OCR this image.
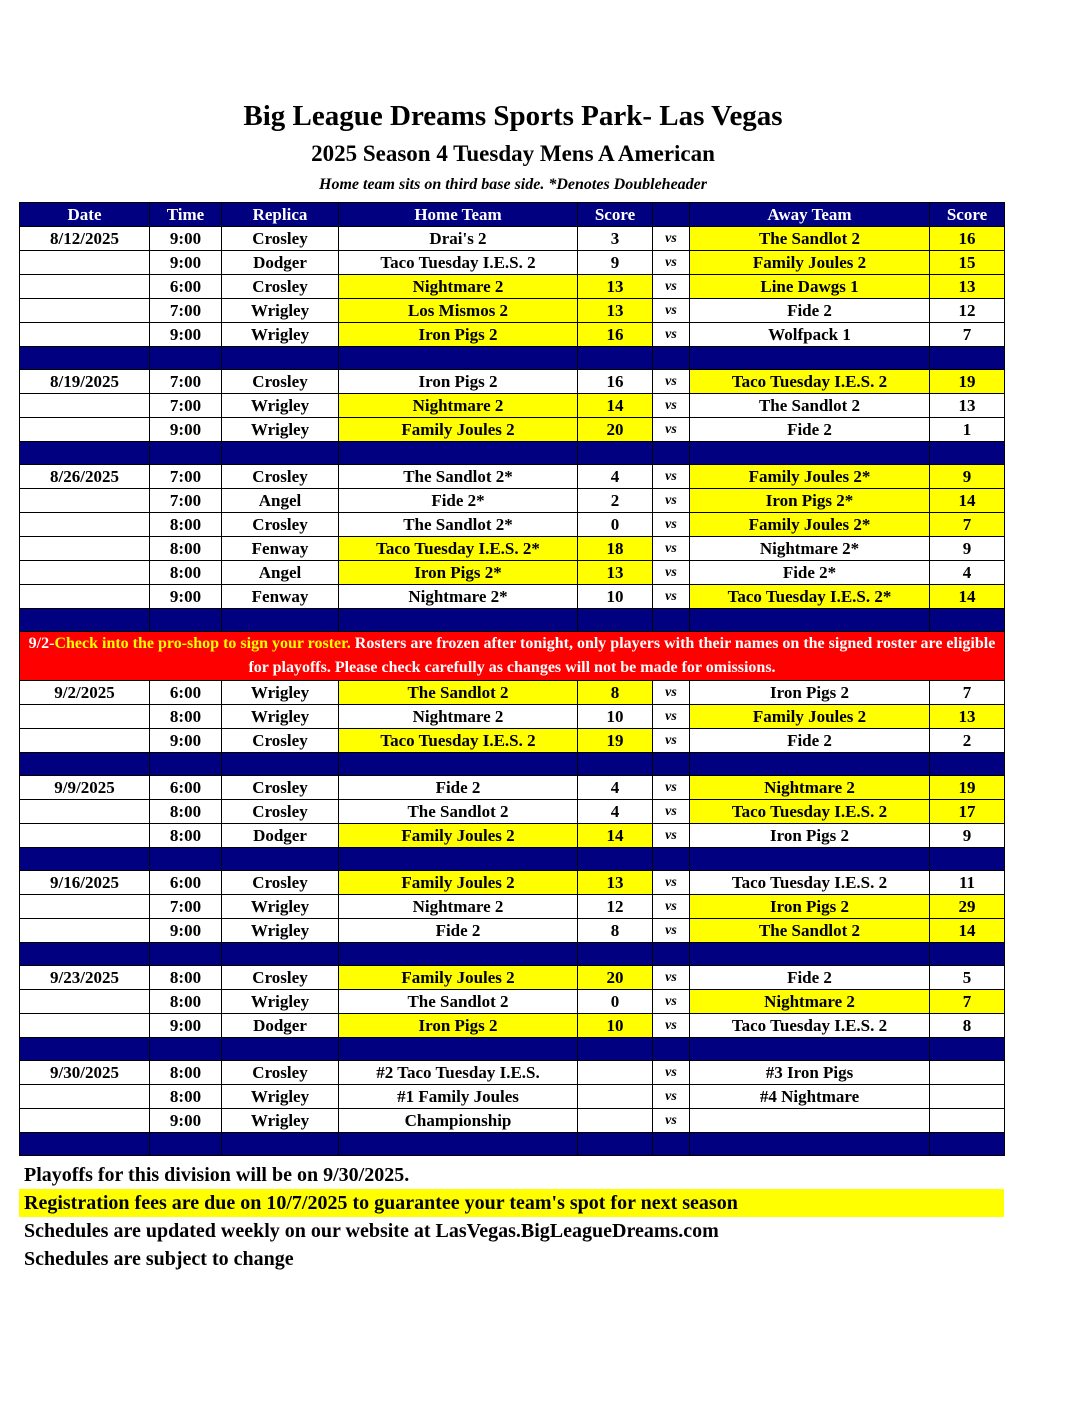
Big League Dreams Sports Park- Las Vegas
2025 Season 4 Tuesday Mens A American
Home team sits on third base side. *Denotes Doubleheader
Date	Time	Replica	Home Team	Score		Away Team	Score
8/12/2025	9:00	Crosley	Drai's 2	3	vs	The Sandlot 2	16
	9:00	Dodger	Taco Tuesday I.E.S. 2	9	vs	Family Joules 2	15
	6:00	Crosley	Nightmare 2	13	vs	Line Dawgs 1	13
	7:00	Wrigley	Los Mismos 2	13	vs	Fide 2	12
	9:00	Wrigley	Iron Pigs 2	16	vs	Wolfpack 1	7

8/19/2025	7:00	Crosley	Iron Pigs 2	16	vs	Taco Tuesday I.E.S. 2	19
	7:00	Wrigley	Nightmare 2	14	vs	The Sandlot 2	13
	9:00	Wrigley	Family Joules 2	20	vs	Fide 2	1

8/26/2025	7:00	Crosley	The Sandlot 2*	4	vs	Family Joules 2*	9
	7:00	Angel	Fide 2*	2	vs	Iron Pigs 2*	14
	8:00	Crosley	The Sandlot 2*	0	vs	Family Joules 2*	7
	8:00	Fenway	Taco Tuesday I.E.S. 2*	18	vs	Nightmare 2*	9
	8:00	Angel	Iron Pigs 2*	13	vs	Fide 2*	4
	9:00	Fenway	Nightmare 2*	10	vs	Taco Tuesday I.E.S. 2*	14

9/2-Check into the pro-shop to sign your roster. Rosters are frozen after tonight, only players with their names on the signed roster are eligible for playoffs. Please check carefully as changes will not be made for omissions.							
9/2/2025	6:00	Wrigley	The Sandlot 2	8	vs	Iron Pigs 2	7
	8:00	Wrigley	Nightmare 2	10	vs	Family Joules 2	13
	9:00	Crosley	Taco Tuesday I.E.S. 2	19	vs	Fide 2	2

9/9/2025	6:00	Crosley	Fide 2	4	vs	Nightmare 2	19
	8:00	Crosley	The Sandlot 2	4	vs	Taco Tuesday I.E.S. 2	17
	8:00	Dodger	Family Joules 2	14	vs	Iron Pigs 2	9

9/16/2025	6:00	Crosley	Family Joules 2	13	vs	Taco Tuesday I.E.S. 2	11
	7:00	Wrigley	Nightmare 2	12	vs	Iron Pigs 2	29
	9:00	Wrigley	Fide 2	8	vs	The Sandlot 2	14

9/23/2025	8:00	Crosley	Family Joules 2	20	vs	Fide 2	5
	8:00	Wrigley	The Sandlot 2	0	vs	Nightmare 2	7
	9:00	Dodger	Iron Pigs 2	10	vs	Taco Tuesday I.E.S. 2	8

9/30/2025	8:00	Crosley	#2 Taco Tuesday I.E.S.		vs	#3 Iron Pigs	
	8:00	Wrigley	#1 Family Joules		vs	#4 Nightmare	
	9:00	Wrigley	Championship		vs		

Playoffs for this division will be on 9/30/2025.
Registration fees are due on 10/7/2025 to guarantee your team's spot for next season
Schedules are updated weekly on our website at LasVegas.BigLeagueDreams.com
Schedules are subject to change
